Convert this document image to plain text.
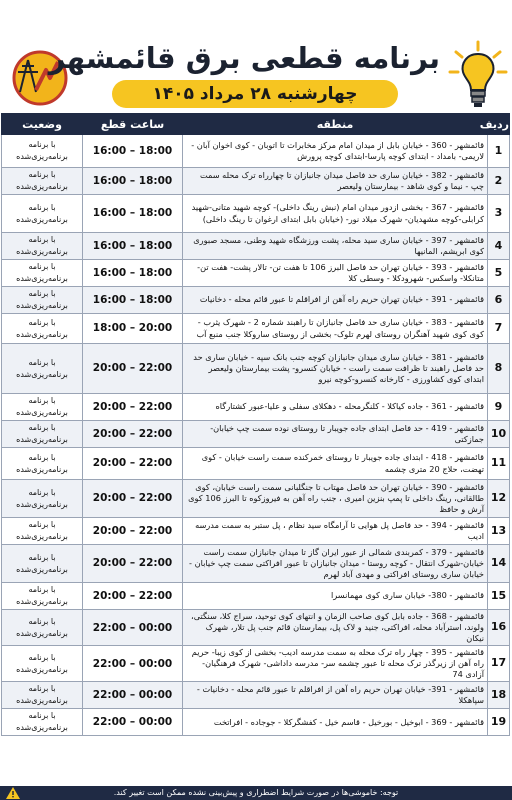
برنامه قطعی برق قائمشهر
چهارشنبه ۲۸ مرداد ۱۴۰۵
ردیف	منطقه	ساعت قطع	وضعیت
1	قائمشهر - 360 - خیابان بابل از میدان امام مرکز مخابرات تا اتوبان - کوی اخوان آبان - لاریمی- بامداد - ابتدای کوچه پارسا-ابتدای کوچه پرورش	16:00 – 18:00	با برنامه برنامه‌ریزی‌شده
2	قائمشهر - 382 - خیابان ساری حد فاصل میدان جانبازان تا چهارراه ترک محله سمت چپ - نیما و کوی شاهد - بیمارستان ولیعصر	16:00 – 18:00	با برنامه برنامه‌ریزی‌شده
3	قائمشهر - 367 - بخشی ازدور میدان امام (نبش رینگ داخلی)- کوچه شهید متانی-شهید کرابلی-کوچه مشهدیان- شهرک میلاد نور- (خیابان بابل ابتدای ارغوان تا رینگ داخلی)	16:00 – 18:00	با برنامه برنامه‌ریزی‌شده
4	قائمشهر - 397 - خیابان ساری سید محله، پشت ورزشگاه شهید وطنی، مسجد صبوری کوی ابریشم، المانیها	16:00 – 18:00	با برنامه برنامه‌ریزی‌شده
5	قائمشهر - 393 - خیابان تهران حد فاصل البرز 106 تا هفت تن- تالار پشت- هفت تن- متانکلا- واسکس- شهرودکلا - وسطی کلا	16:00 – 18:00	با برنامه برنامه‌ریزی‌شده
6	قائمشهر - 391 - خیابان تهران حریم راه آهن از افراقلم تا عبور قائم محله - دخانیات	16:00 – 18:00	با برنامه برنامه‌ریزی‌شده
7	قائمشهر - 383 - خیابان ساری حد فاصل جانبازان تا راهبند شماره 2 - شهرک یثرب - کوی کوی شهید آهنگران روستای لهرم تلوک- بخشی از روستای ساروکلا جنب منبع آب	18:00 – 20:00	با برنامه برنامه‌ریزی‌شده
8	قائمشهر - 381 - خیابان ساری میدان جانبازان کوچه جنب بانک سپه - خیابان ساری حد حد فاصل راهبند تا ظرافت سمت راست - خیابان کنسرو- پشت بیمارستان ولیعصر ابتدای کوی کشاورزی - کارخانه کنسرو-کوچه نیرو	20:00 – 22:00	با برنامه برنامه‌ریزی‌شده
9	قائمشهر - 361 - جاده کیاکلا - کلنگرمحله - دهکلای سفلی و علیا-عبور کشتارگاه	20:00 – 22:00	با برنامه برنامه‌ریزی‌شده
10	قائمشهر - 419 - حد فاصل ابتدای جاده جویبار تا روستای نوده سمت چپ خیابان- جمازکتی	20:00 – 22:00	با برنامه برنامه‌ریزی‌شده
11	قائمشهر - 418 - ابتدای جاده جویبار تا روستای خمرکنده سمت راست خیابان - کوی تهضت، حلاج 20 متری چشمه	20:00 – 22:00	با برنامه برنامه‌ریزی‌شده
12	قائمشهر - 390 - خیابان تهران حد فاصل مهتاب تا جنگلبانی سمت راست خیابان، کوی طالقانی، رینگ داخلی تا پمپ بنزین امیری ، جنب راه آهن به فیروزکوه تا البرز 106 کوی آرش و حافظ	20:00 – 22:00	با برنامه برنامه‌ریزی‌شده
13	قائمشهر - 394 - حد فاصل پل هوایی تا آرامگاه سید نظام ، پل ستبر به سمت مدرسه ادیب	20:00 – 22:00	با برنامه برنامه‌ریزی‌شده
14	قائمشهر - 379 - کمربندی شمالی از عبور ایران گاز تا میدان جانبازان سمت راست خیابان-شهرک انتقال - کوچه روستا - میدان جانبازان تا عبور افراکتی سمت چپ خیابان - خیابان ساری روستای افراکتی و مهدی آباد لهرم	20:00 – 22:00	با برنامه برنامه‌ریزی‌شده
15	قائمشهر - 380- خیابان ساری کوی مهمانسرا	20:00 – 22:00	با برنامه برنامه‌ریزی‌شده
16	قائمشهر - 368 - جاده بابل کوی صاحب الزمان و انتهای کوی توحید، سراج کلا، سنگتی، ولوند، استرآباد محله، افراکتی، جنید و لاک پل، بیمارستان قائم جنب پل تلار، شهرک نیکان	22:00 – 00:00	با برنامه برنامه‌ریزی‌شده
17	قائمشهر - 395 - چهار راه ترک محله به سمت مدرسه ادیب- بخشی از کوی زیبا- حریم راه آهن از زیرگذر ترک محله تا عبور چشمه سر- مدرسه داداشی- شهرک فرهنگیان- آزادی 74	22:00 – 00:00	با برنامه برنامه‌ریزی‌شده
18	قائمشهر - 391- خیابان تهران حریم راه آهن از افراقلم تا عبور قائم محله - دخانیات - سپاهکلا	22:00 – 00:00	با برنامه برنامه‌ریزی‌شده
19	قائمشهر - 369 - ابوخیل - بورخیل - قاسم خیل - کفشگرکلا - جوجاده - افراتخت	22:00 – 00:00	با برنامه برنامه‌ریزی‌شده
توجه: خاموشی‌ها در صورت شرایط اضطراری و پیش‌بینی نشده ممکن است تغییر کند.
